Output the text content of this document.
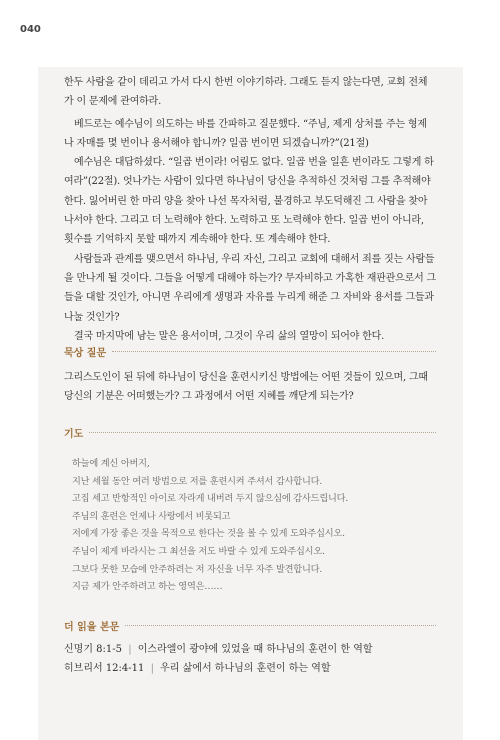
040

한두 사람을 같이 데리고 가서 다시 한번 이야기하라. 그래도 듣지 않는다면, 교회 전체가 이 문제에 관여하라.

베드로는 예수님이 의도하는 바를 간파하고 질문했다. “주님, 제게 상처를 주는 형제나 자매를 몇 번이나 용서해야 합니까? 일곱 번이면 되겠습니까?”(21절)

예수님은 대답하셨다. “일곱 번이라! 어림도 없다. 일곱 번을 일흔 번이라도 그렇게 하여라”(22절). 엇나가는 사람이 있다면 하나님이 당신을 추적하신 것처럼 그를 추적해야 한다. 잃어버린 한 마리 양을 찾아 나선 목자처럼, 불경하고 부도덕해진 그 사람을 찾아 나서야 한다. 그리고 더 노력해야 한다. 노력하고 또 노력해야 한다. 일곱 번이 아니라, 횟수를 기억하지 못할 때까지 계속해야 한다. 또 계속해야 한다.

사람들과 관계를 맺으면서 하나님, 우리 자신, 그리고 교회에 대해서 죄를 짓는 사람들을 만나게 될 것이다. 그들을 어떻게 대해야 하는가? 무자비하고 가혹한 재판관으로서 그들을 대할 것인가, 아니면 우리에게 생명과 자유를 누리게 해준 그 자비와 용서를 그들과 나눌 것인가?

결국 마지막에 남는 말은 용서이며, 그것이 우리 삶의 열망이 되어야 한다.

묵상 질문

그리스도인이 된 뒤에 하나님이 당신을 훈련시키신 방법에는 어떤 것들이 있으며, 그때 당신의 기분은 어떠했는가? 그 과정에서 어떤 지혜를 깨닫게 되는가?

기도
하늘에 계신 아버지,
지난 세월 동안 여러 방법으로 저를 훈련시켜 주셔서 감사합니다.
고집 세고 반항적인 아이로 자라게 내버려 두지 않으심에 감사드립니다.
주님의 훈련은 언제나 사랑에서 비롯되고
저에게 가장 좋은 것을 목적으로 한다는 것을 볼 수 있게 도와주십시오.
주님이 제게 바라시는 그 최선을 저도 바랄 수 있게 도와주십시오.
그보다 못한 모습에 안주하려는 저 자신을 너무 자주 발견합니다.
지금 제가 안주하려고 하는 영역은……
더 읽을 본문
신명기 8:1-5 | 이스라엘이 광야에 있었을 때 하나님의 훈련이 한 역할
히브리서 12:4-11 | 우리 삶에서 하나님의 훈련이 하는 역할
